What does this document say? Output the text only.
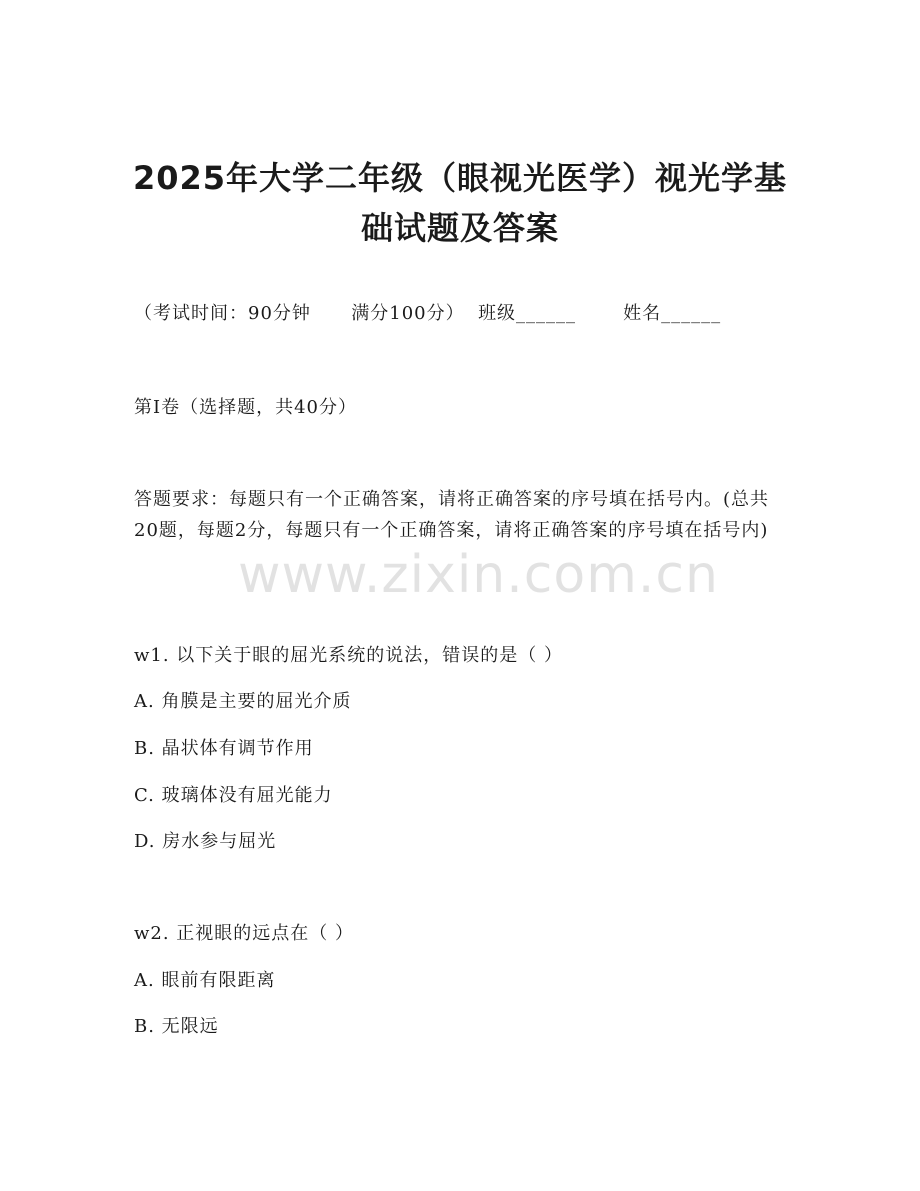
2025年大学二年级（眼视光医学）视光学基
础试题及答案
（考试时间：90分钟 满分100分） 班级______	姓名______
第Ⅰ卷（选择题，共40分）
答题要求：每题只有一个正确答案，请将正确答案的序号填在括号内。(总共20题，每题2分，每题只有一个正确答案，请将正确答案的序号填在括号内)
www.zixin.com.cn
w1. 以下关于眼的屈光系统的说法，错误的是（ ）
A. 角膜是主要的屈光介质
B. 晶状体有调节作用
C. 玻璃体没有屈光能力
D. 房水参与屈光
w2. 正视眼的远点在（ ）
A. 眼前有限距离
B. 无限远
